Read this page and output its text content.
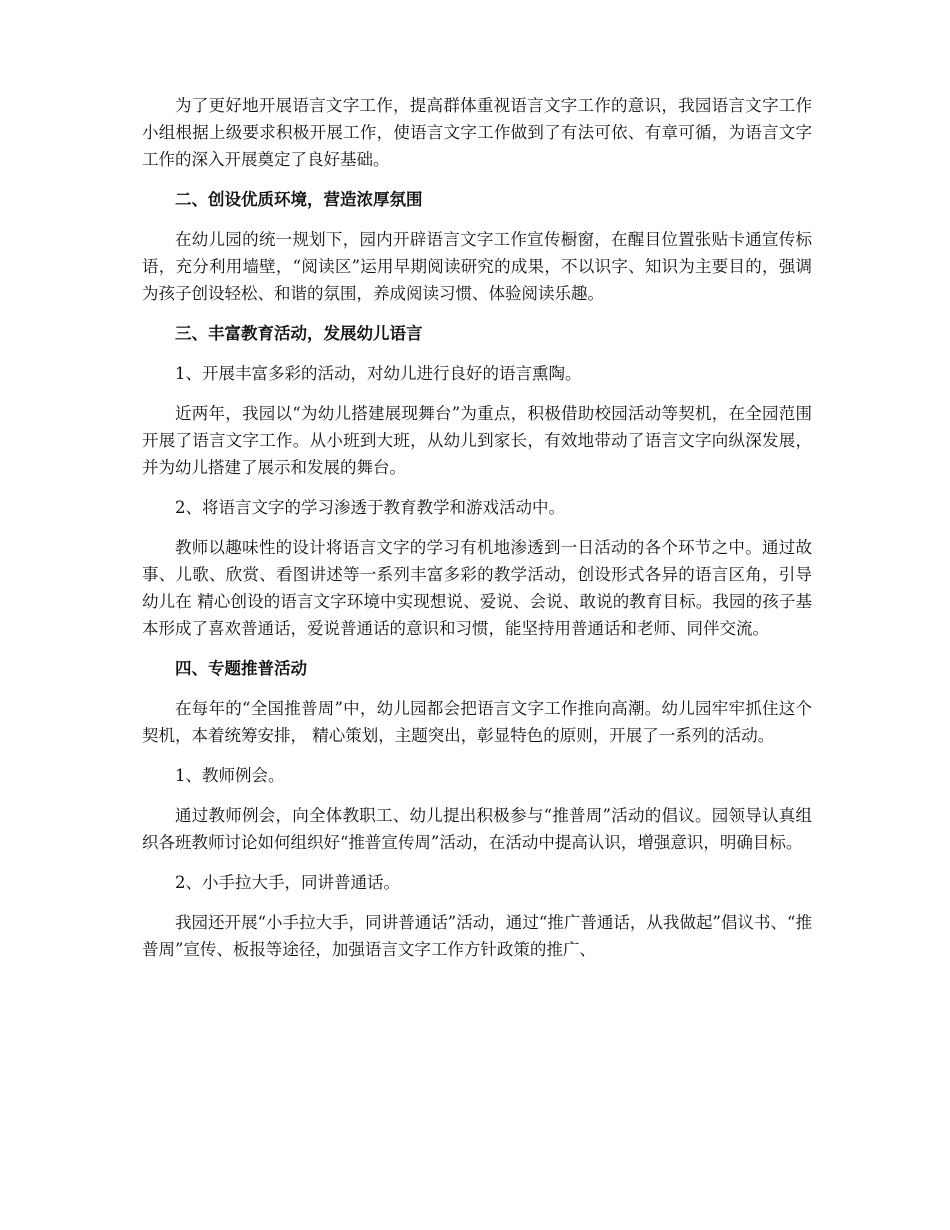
为了更好地开展语言文字工作，提高群体重视语言文字工作的意识，我园语言文字工作小组根据上级要求积极开展工作，使语言文字工作做到了有法可依、有章可循，为语言文字工作的深入开展奠定了良好基础。

二、创设优质环境，营造浓厚氛围

在幼儿园的统一规划下，园内开辟语言文字工作宣传橱窗，在醒目位置张贴卡通宣传标语，充分利用墙壁，“阅读区”运用早期阅读研究的成果，不以识字、知识为主要目的，强调为孩子创设轻松、和谐的氛围，养成阅读习惯、体验阅读乐趣。

三、丰富教育活动，发展幼儿语言

1、开展丰富多彩的活动，对幼儿进行良好的语言熏陶。

近两年，我园以“为幼儿搭建展现舞台”为重点，积极借助校园活动等契机，在全园范围开展了语言文字工作。从小班到大班，从幼儿到家长，有效地带动了语言文字向纵深发展，并为幼儿搭建了展示和发展的舞台。

2、将语言文字的学习渗透于教育教学和游戏活动中。

教师以趣味性的设计将语言文字的学习有机地渗透到一日活动的各个环节之中。通过故事、儿歌、欣赏、看图讲述等一系列丰富多彩的教学活动，创设形式各异的语言区角，引导幼儿在 精心创设的语言文字环境中实现想说、爱说、会说、敢说的教育目标。我园的孩子基本形成了喜欢普通话，爱说普通话的意识和习惯，能坚持用普通话和老师、同伴交流。

四、专题推普活动

在每年的“全国推普周”中，幼儿园都会把语言文字工作推向高潮。幼儿园牢牢抓住这个契机，本着统筹安排， 精心策划，主题突出，彰显特色的原则，开展了一系列的活动。

1、教师例会。

通过教师例会，向全体教职工、幼儿提出积极参与“推普周”活动的倡议。园领导认真组织各班教师讨论如何组织好“推普宣传周”活动，在活动中提高认识，增强意识，明确目标。

2、小手拉大手，同讲普通话。

我园还开展“小手拉大手，同讲普通话”活动，通过“推广普通话，从我做起”倡议书、“推普周”宣传、板报等途径，加强语言文字工作方针政策的推广、
